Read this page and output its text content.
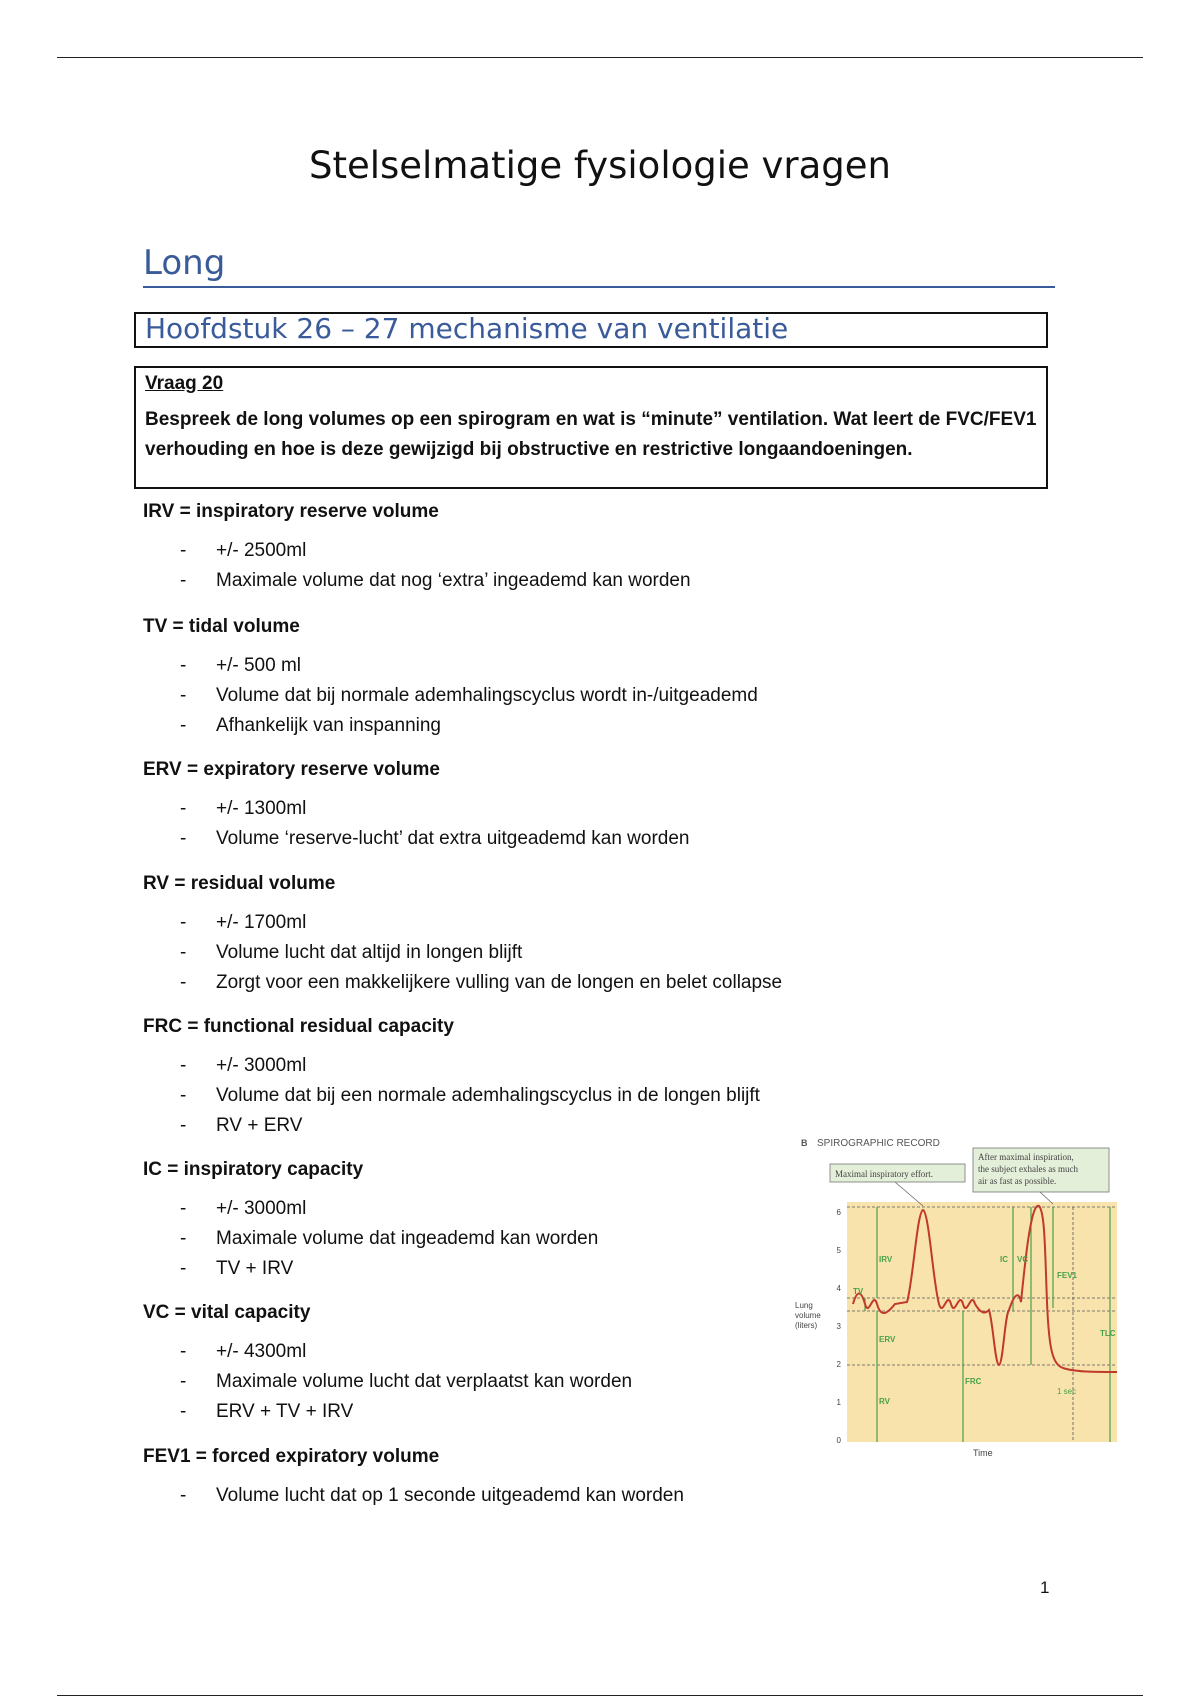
Stelselmatige fysiologie vragen
Long
Hoofdstuk 26 – 27 mechanisme van ventilatie
Vraag 20
Bespreek de long volumes op een spirogram en wat is “minute” ventilation. Wat leert de FVC/FEV1 verhouding en hoe is deze gewijzigd bij obstructive en restrictive longaandoeningen.
IRV = inspiratory reserve volume
- +/- 2500ml
- Maximale volume dat nog ‘extra’ ingeademd kan worden
TV = tidal volume
- +/- 500 ml
- Volume dat bij normale ademhalingscyclus wordt in-/uitgeademd
- Afhankelijk van inspanning
ERV = expiratory reserve volume
- +/- 1300ml
- Volume ‘reserve-lucht’ dat extra uitgeademd kan worden
RV = residual volume
- +/- 1700ml
- Volume lucht dat altijd in longen blijft
- Zorgt voor een makkelijkere vulling van de longen en belet collapse
FRC = functional residual capacity
- +/- 3000ml
- Volume dat bij een normale ademhalingscyclus in de longen blijft
- RV + ERV
IC = inspiratory capacity
- +/- 3000ml
- Maximale volume dat ingeademd kan worden
- TV + IRV
VC = vital capacity
- +/- 4300ml
- Maximale volume lucht dat verplaatst kan worden
- ERV + TV + IRV
FEV1 = forced expiratory volume
- Volume lucht dat op 1 seconde uitgeademd kan worden
B SPIROGRAPHIC RECORD
Maximal inspiratory effort.
After maximal inspiration,
the subject exhales as much
air as fast as possible.
0
1
2
3
4
5
6
Lung
volume
(liters)
Time
IRV
TV
ERV
RV
FRC
IC VC
FEV1
TLC
1 sec
1
